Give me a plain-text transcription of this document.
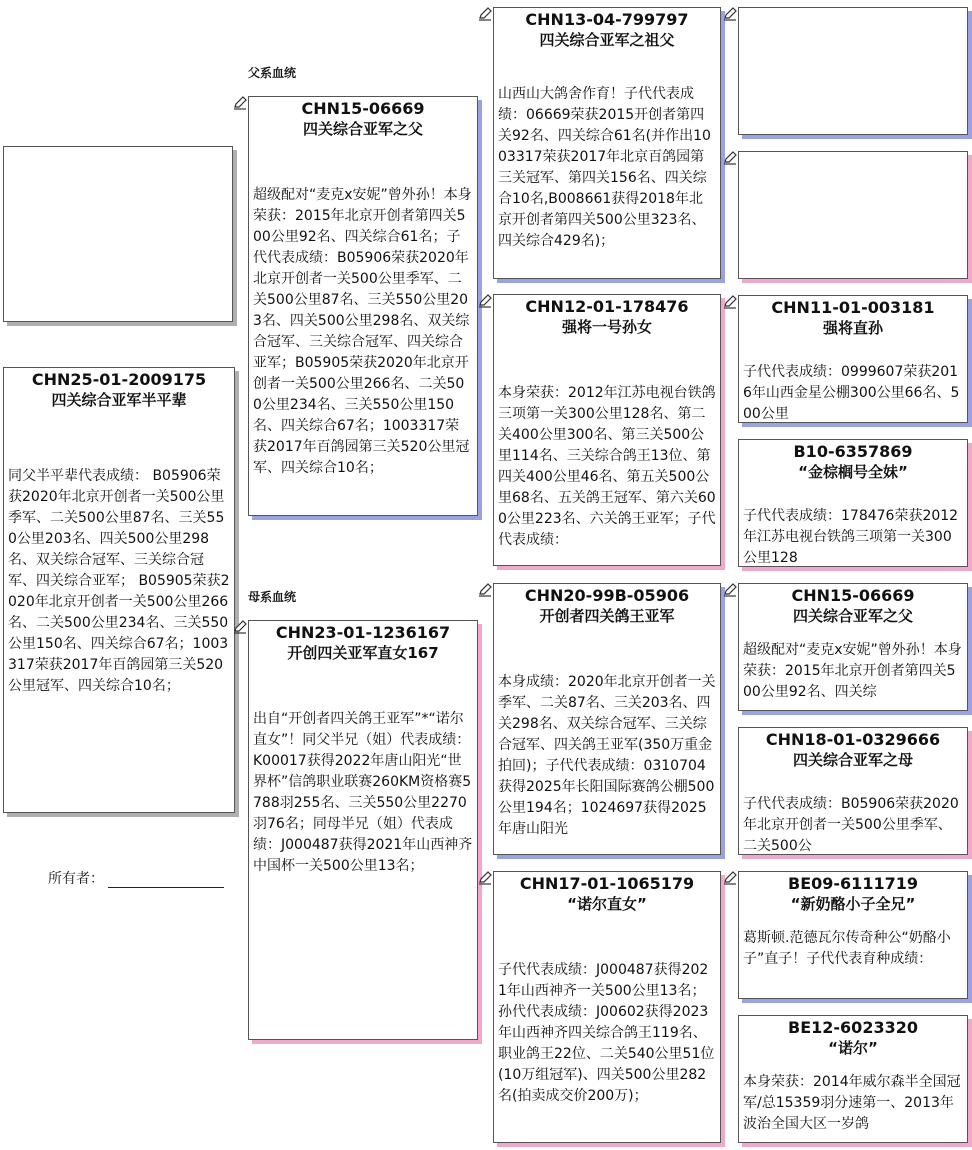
父系血统
母系血统
CHN25-01-2009175
四关综合亚军半平辈
同父半平辈代表成绩： B05906荣获2020年北京开创者一关500公里季军、二关500公里87名、三关550公里203名、四关500公里298名、双关综合冠军、三关综合冠军、四关综合亚军； B05905荣获2020年北京开创者一关500公里266名、二关500公里234名、三关550公里150名、四关综合67名；1003317荣获2017年百鸽园第三关520公里冠军、四关综合10名；
所有者：
CHN15-06669
四关综合亚军之父
超级配对“麦克x安妮”曾外孙！本身荣获：2015年北京开创者第四关500公里92名、四关综合61名；子代代表成绩：B05906荣获2020年北京开创者一关500公里季军、二关500公里87名、三关550公里203名、四关500公里298名、双关综合冠军、三关综合冠军、四关综合亚军；B05905荣获2020年北京开创者一关500公里266名、二关500公里234名、三关550公里150名、四关综合67名；1003317荣获2017年百鸽园第三关520公里冠军、四关综合10名；
CHN23-01-1236167
开创四关亚军直女167
出自“开创者四关鸽王亚军”*“诺尔直女”！同父半兄（姐）代表成绩：K00017获得2022年唐山阳光“世界杯”信鸽职业联赛260KM资格赛5788羽255名、三关550公里2270羽76名；同母半兄（姐）代表成绩：J000487获得2021年山西神齐中国杯一关500公里13名；
CHN13-04-799797
四关综合亚军之祖父
山西山大鸽舍作育！子代代表成绩：06669荣获2015开创者第四关92名、四关综合61名(并作出1003317荣获2017年北京百鸽园第三关冠军、第四关156名、四关综合10名,B008661获得2018年北京开创者第四关500公里323名、四关综合429名)；
CHN12-01-178476
强将一号孙女
本身荣获：2012年江苏电视台铁鸽三项第一关300公里128名、第二关400公里300名、第三关500公里114名、三关综合鸽王13位、第四关400公里46名、第五关500公里68名、五关鸽王冠军、第六关600公里223名、六关鸽王亚军；子代代表成绩：
CHN20-99B-05906
开创者四关鸽王亚军
本身成绩：2020年北京开创者一关季军、二关87名、三关203名、四关298名、双关综合冠军、三关综合冠军、四关鸽王亚军(350万重金拍回)；子代代表成绩：0310704获得2025年长阳国际赛鸽公棚500公里194名；1024697获得2025年唐山阳光
CHN17-01-1065179
“诺尔直女”
子代代表成绩：J000487获得2021年山西神齐一关500公里13名；孙代代表成绩：J00602获得2023年山西神齐四关综合鸽王119名、职业鸽王22位、二关540公里51位(10万组冠军)、四关500公里282名(拍卖成交价200万)；
CHN11-01-003181
强将直孙
子代代表成绩：0999607荣获2016年山西金星公棚300公里66名、500公里
B10-6357869
“金棕榈号全妹”
子代代表成绩：178476荣获2012年江苏电视台铁鸽三项第一关300公里128
CHN15-06669
四关综合亚军之父
超级配对“麦克x安妮”曾外孙！本身荣获：2015年北京开创者第四关500公里92名、四关综
CHN18-01-0329666
四关综合亚军之母
子代代表成绩：B05906荣获2020年北京开创者一关500公里季军、二关500公
BE09-6111719
“新奶酪小子全兄”
葛斯顿.范德瓦尔传奇种公“奶酪小子”直子！子代代表育种成绩：
BE12-6023320
“诺尔”
本身荣获：2014年威尔森半全国冠军/总15359羽分速第一、2013年波治全国大区一岁鸽
